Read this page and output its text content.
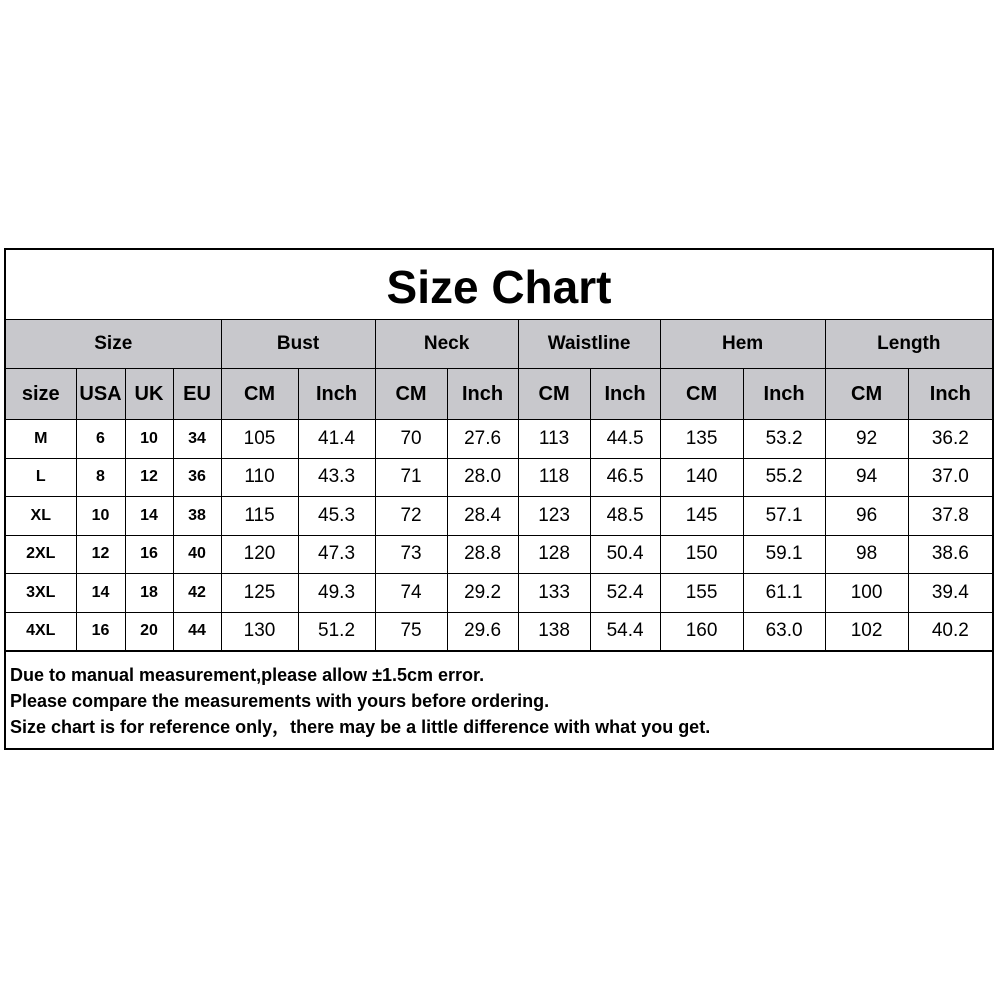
Size Chart
Size				Bust		Neck		Waistline		Hem		Length	
size	USA	UK	EU	CM	Inch	CM	Inch	CM	Inch	CM	Inch	CM	Inch
M	6	10	34	105	41.4	70	27.6	113	44.5	135	53.2	92	36.2
L	8	12	36	110	43.3	71	28.0	118	46.5	140	55.2	94	37.0
XL	10	14	38	115	45.3	72	28.4	123	48.5	145	57.1	96	37.8
2XL	12	16	40	120	47.3	73	28.8	128	50.4	150	59.1	98	38.6
3XL	14	18	42	125	49.3	74	29.2	133	52.4	155	61.1	100	39.4
4XL	16	20	44	130	51.2	75	29.6	138	54.4	160	63.0	102	40.2
Due to manual measurement,please allow ±1.5cm error.
Please compare the measurements with yours before ordering.
Size chart is for reference only，there may be a little difference with what you get.
